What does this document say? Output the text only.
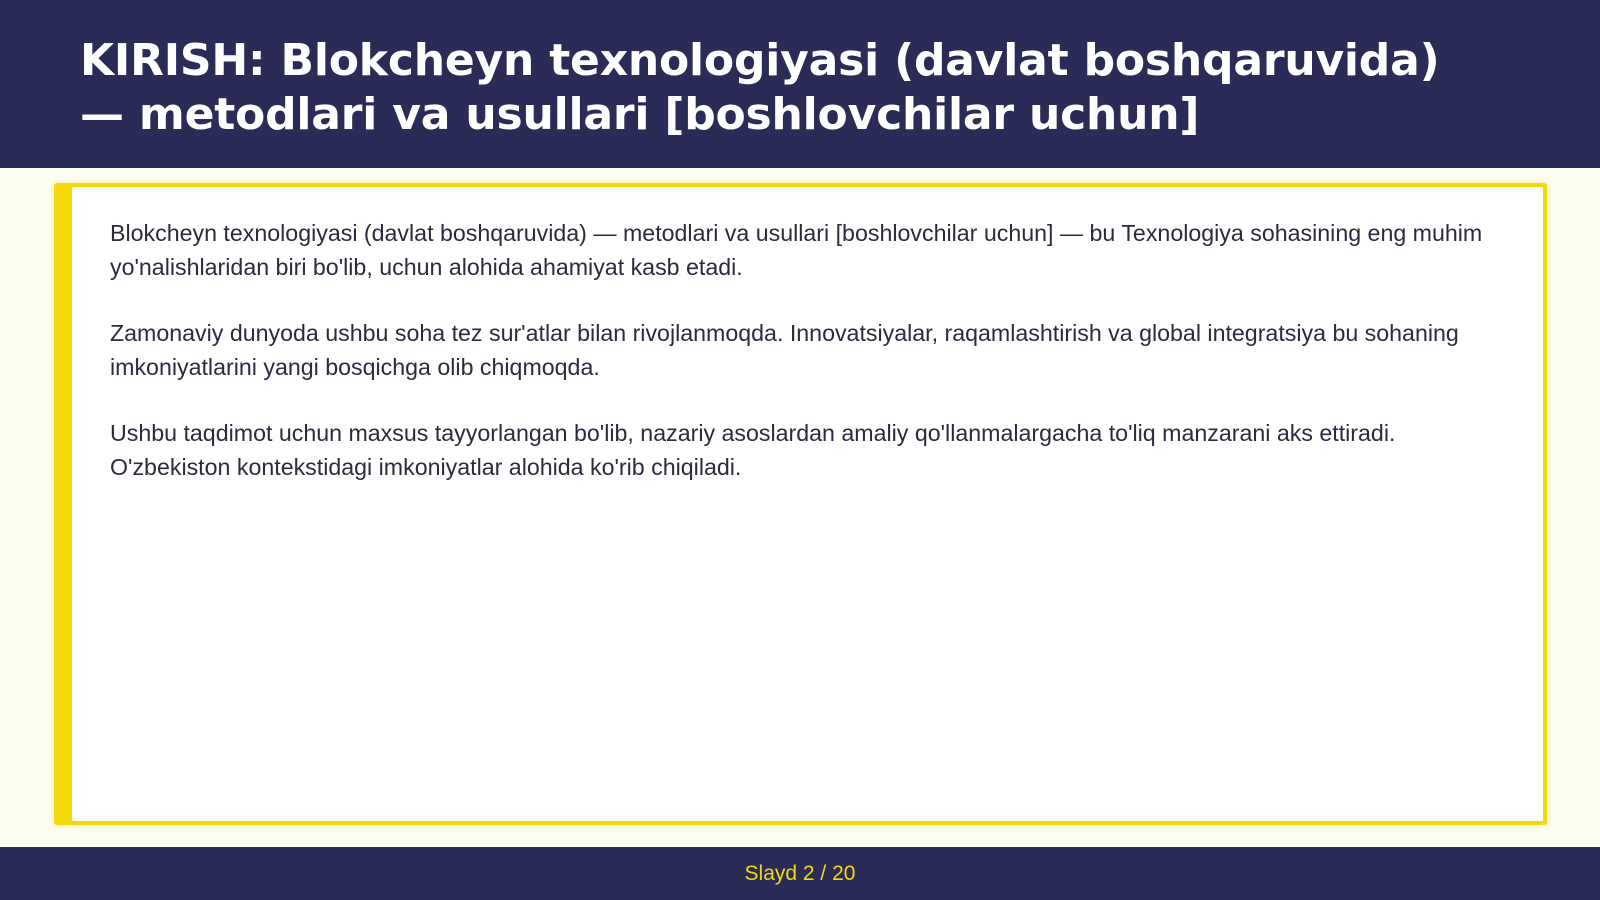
KIRISH: Blokcheyn texnologiyasi (davlat boshqaruvida) — metodlari va usullari [boshlovchilar uchun]

Blokcheyn texnologiyasi (davlat boshqaruvida) — metodlari va usullari [boshlovchilar uchun] — bu Texnologiya sohasining eng muhim yo'nalishlaridan biri bo'lib, uchun alohida ahamiyat kasb etadi.

Zamonaviy dunyoda ushbu soha tez sur'atlar bilan rivojlanmoqda. Innovatsiyalar, raqamlashtirish va global integratsiya bu sohaning imkoniyatlarini yangi bosqichga olib chiqmoqda.

Ushbu taqdimot uchun maxsus tayyorlangan bo'lib, nazariy asoslardan amaliy qo'llanmalargacha to'liq manzarani aks ettiradi. O'zbekiston kontekstidagi imkoniyatlar alohida ko'rib chiqiladi.

Slayd 2 / 20
